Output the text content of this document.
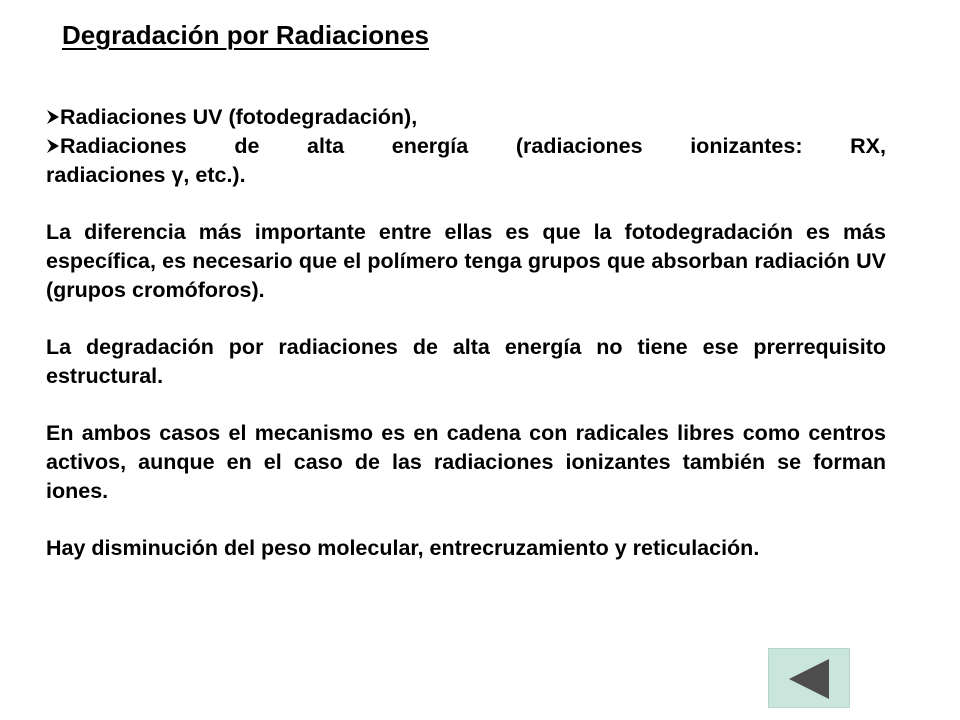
Degradación por Radiaciones

Radiaciones UV (fotodegradación),

Radiaciones de alta energía (radiaciones ionizantes: RX,

radiaciones γ, etc.).

La diferencia más importante entre ellas es que la fotodegradación es más específica, es necesario que el polímero tenga grupos que absorban radiación UV (grupos cromóforos).

La degradación por radiaciones de alta energía no tiene ese prerrequisito estructural.

En ambos casos el mecanismo es en cadena con radicales libres como centros activos, aunque en el caso de las radiaciones ionizantes también se forman iones.

Hay disminución del peso molecular, entrecruzamiento y reticulación.
